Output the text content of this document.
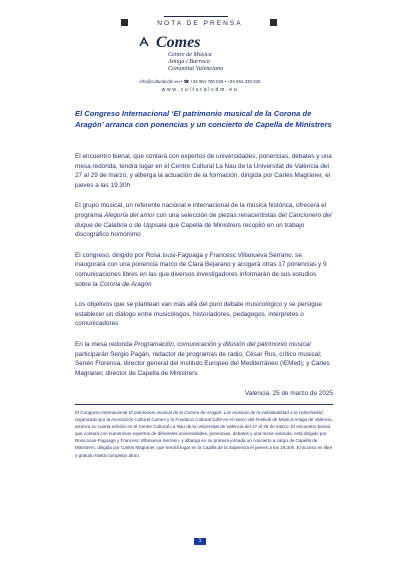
NOTA DE PRENSA
Comes
Centre de Música
Antiga i Barroca
Comunitat Valenciana
info@culturalcdm.eu • ☎ +34 961 780 025 • +34 654 330 025
www.culturalcdm.eu
El Congreso Internacional ‘El patrimonio musical de la Corona de Aragón’ arranca con ponencias y un concierto de Capella de Ministrers

El encuentro bienal, que contará con expertos de universidades, ponencias, debates y una mesa redonda, tendrá lugar en el Centre Cultural La Nau de la Universitat de València del 27 al 29 de marzo, y alberga la actuación de la formación, dirigida por Carles Magraner, el jueves a las 19.30h

El grupo musical, un referente nacional e internacional de la música histórica, ofrecerá el programa Alegoría del amor con una selección de piezas renacentistas del Cancionero del duque de Calabria o de Uppsala que Capella de Ministrers recopiló en un trabajo discográfico homónimo

El congreso, dirigido por Rosa Isusi-Fagoaga y Francesc Villanueva Serrano, se inaugurará con una ponencia marco de Clara Bejarano y acogerá otras 17 ponencias y 9 comunicaciones libres en las que diversos investigadores informarán de sus estudios sobre la Corona de Aragón

Los objetivos que se plantean van más allá del puro debate musicológico y se persigue establecer un diálogo entre musicólogos, historiadores, pedagogos, intérpretes o comunicadores

En la mesa redonda Programación, comunicación y difusión del patrimonio musical participarán Sergio Pagán, redactor de programas de radio; César Rus, crítico musical; Senén Florensa, director general del Instituto Europeo del Mediterráneo (IEMed); y Carles Magraner, director de Capella de Ministrers

Valencia, 25 de marzo de 2025

El Congreso Internacional El patrimonio musical de la Corona de Aragón: Las músicas de la individualidad a la colectividad, organizado por la Asociación Cultural Comes y la Fundació Cultural CdM en el marco del Festival de Música Antiga de Valencia, arranca su cuarta edición en el Centre Cultural La Nau de la Universitat de València del 27 al 29 de marzo. El encuentro bienal, que contará con numerosos expertos de diferentes universidades, ponencias, debates y una mesa redonda, está dirigido por Rosa Isusi-Fagoaga y Francesc Villanueva Serrano, y albarga en su primera jornada un concierto a cargo de Capella de Ministrers, dirigida por Carles Magraner, que tendrá lugar en la Capilla de la Sapiencia el jueves a las 19.30h. El acceso es libre y gratuito hasta completar aforo.

1
